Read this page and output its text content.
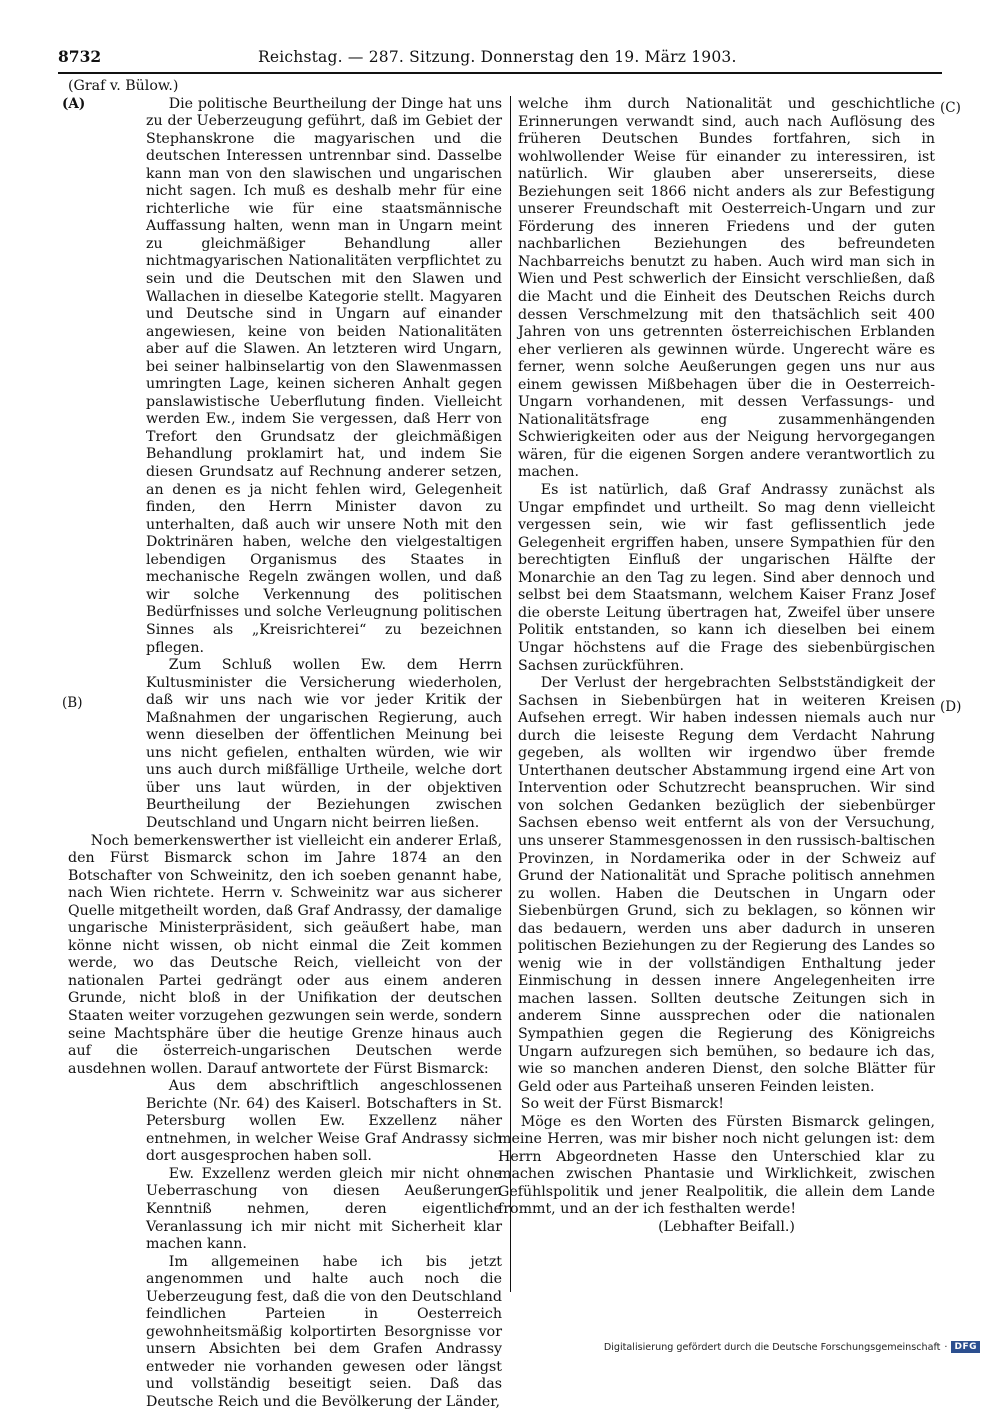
8732	Reichstag. — 287. Sitzung. Donnerstag den 19. März 1903.
(A)
(B)
(C)
(D)

(Graf v. Bülow.)

Die politische Beurtheilung der Dinge hat uns zu der Ueberzeugung geführt, daß im Gebiet der Stephanskrone die magyarischen und die deutschen Interessen untrennbar sind. Dasselbe kann man von den slawischen und ungarischen nicht sagen. Ich muß es deshalb mehr für eine richterliche wie für eine staatsmännische Auffassung halten, wenn man in Ungarn meint zu gleichmäßiger Behandlung aller nichtmagyarischen Nationalitäten verpflichtet zu sein und die Deutschen mit den Slawen und Wallachen in dieselbe Kategorie stellt. Magyaren und Deutsche sind in Ungarn auf einander angewiesen, keine von beiden Nationalitäten aber auf die Slawen. An letzteren wird Ungarn, bei seiner halbinselartig von den Slawenmassen umringten Lage, keinen sicheren Anhalt gegen panslawistische Ueberflutung finden. Vielleicht werden Ew., indem Sie vergessen, daß Herr von Trefort den Grundsatz der gleichmäßigen Behandlung proklamirt hat, und indem Sie diesen Grundsatz auf Rechnung anderer setzen, an denen es ja nicht fehlen wird, Gelegenheit finden, den Herrn Minister davon zu unterhalten, daß auch wir unsere Noth mit den Doktrinären haben, welche den vielgestaltigen lebendigen Organismus des Staates in mechanische Regeln zwängen wollen, und daß wir solche Verkennung des politischen Bedürfnisses und solche Verleugnung politischen Sinnes als „Kreisrichterei“ zu bezeichnen pflegen.

Zum Schluß wollen Ew. dem Herrn Kultusminister die Versicherung wiederholen, daß wir uns nach wie vor jeder Kritik der Maßnahmen der ungarischen Regierung, auch wenn dieselben der öffentlichen Meinung bei uns nicht gefielen, enthalten würden, wie wir uns auch durch mißfällige Urtheile, welche dort über uns laut würden, in der objektiven Beurtheilung der Beziehungen zwischen Deutschland und Ungarn nicht beirren ließen.

Noch bemerkenswerther ist vielleicht ein anderer Erlaß, den Fürst Bismarck schon im Jahre 1874 an den Botschafter von Schweinitz, den ich soeben genannt habe, nach Wien richtete. Herrn v. Schweinitz war aus sicherer Quelle mitgetheilt worden, daß Graf Andrassy, der damalige ungarische Ministerpräsident, sich geäußert habe, man könne nicht wissen, ob nicht einmal die Zeit kommen werde, wo das Deutsche Reich, vielleicht von der nationalen Partei gedrängt oder aus einem anderen Grunde, nicht bloß in der Unifikation der deutschen Staaten weiter vorzugehen gezwungen sein werde, sondern seine Machtsphäre über die heutige Grenze hinaus auch auf die österreich-ungarischen Deutschen werde ausdehnen wollen. Darauf antwortete der Fürst Bismarck:

Aus dem abschriftlich angeschlossenen Berichte (Nr. 64) des Kaiserl. Botschafters in St. Petersburg wollen Ew. Exzellenz näher entnehmen, in welcher Weise Graf Andrassy sich dort ausgesprochen haben soll.

Ew. Exzellenz werden gleich mir nicht ohne Ueberraschung von diesen Aeußerungen Kenntniß nehmen, deren eigentliche Veranlassung ich mir nicht mit Sicherheit klar machen kann.

Im allgemeinen habe ich bis jetzt angenommen und halte auch noch die Ueberzeugung fest, daß die von den Deutschland feindlichen Parteien in Oesterreich gewohnheitsmäßig kolportirten Besorgnisse vor unsern Absichten bei dem Grafen Andrassy entweder nie vorhanden gewesen oder längst und vollständig beseitigt seien. Daß das Deutsche Reich und die Bevölkerung der Länder,

welche ihm durch Nationalität und geschichtliche Erinnerungen verwandt sind, auch nach Auflösung des früheren Deutschen Bundes fortfahren, sich in wohlwollender Weise für einander zu interessiren, ist natürlich. Wir glauben aber unsererseits, diese Beziehungen seit 1866 nicht anders als zur Befestigung unserer Freundschaft mit Oesterreich-Ungarn und zur Förderung des inneren Friedens und der guten nachbarlichen Beziehungen des befreundeten Nachbarreichs benutzt zu haben. Auch wird man sich in Wien und Pest schwerlich der Einsicht verschließen, daß die Macht und die Einheit des Deutschen Reichs durch dessen Verschmelzung mit den thatsächlich seit 400 Jahren von uns getrennten österreichischen Erblanden eher verlieren als gewinnen würde. Ungerecht wäre es ferner, wenn solche Aeußerungen gegen uns nur aus einem gewissen Mißbehagen über die in Oesterreich-Ungarn vorhandenen, mit dessen Verfassungs- und Nationalitätsfrage eng zusammenhängenden Schwierigkeiten oder aus der Neigung hervorgegangen wären, für die eigenen Sorgen andere verantwortlich zu machen.

Es ist natürlich, daß Graf Andrassy zunächst als Ungar empfindet und urtheilt. So mag denn vielleicht vergessen sein, wie wir fast geflissentlich jede Gelegenheit ergriffen haben, unsere Sympathien für den berechtigten Einfluß der ungarischen Hälfte der Monarchie an den Tag zu legen. Sind aber dennoch und selbst bei dem Staatsmann, welchem Kaiser Franz Josef die oberste Leitung übertragen hat, Zweifel über unsere Politik entstanden, so kann ich dieselben bei einem Ungar höchstens auf die Frage des siebenbürgischen Sachsen zurückführen.

Der Verlust der hergebrachten Selbstständigkeit der Sachsen in Siebenbürgen hat in weiteren Kreisen Aufsehen erregt. Wir haben indessen niemals auch nur durch die leiseste Regung dem Verdacht Nahrung gegeben, als wollten wir irgendwo über fremde Unterthanen deutscher Abstammung irgend eine Art von Intervention oder Schutzrecht beanspruchen. Wir sind von solchen Gedanken bezüglich der siebenbürger Sachsen ebenso weit entfernt als von der Versuchung, uns unserer Stammesgenossen in den russisch-baltischen Provinzen, in Nordamerika oder in der Schweiz auf Grund der Nationalität und Sprache politisch annehmen zu wollen. Haben die Deutschen in Ungarn oder Siebenbürgen Grund, sich zu beklagen, so können wir das bedauern, werden uns aber dadurch in unseren politischen Beziehungen zu der Regierung des Landes so wenig wie in der vollständigen Enthaltung jeder Einmischung in dessen innere Angelegenheiten irre machen lassen. Sollten deutsche Zeitungen sich in anderem Sinne aussprechen oder die nationalen Sympathien gegen die Regierung des Königreichs Ungarn aufzuregen sich bemühen, so bedaure ich das, wie so manchen anderen Dienst, den solche Blätter für Geld oder aus Parteihaß unseren Feinden leisten.

So weit der Fürst Bismarck!

Möge es den Worten des Fürsten Bismarck gelingen, meine Herren, was mir bisher noch nicht gelungen ist: dem Herrn Abgeordneten Hasse den Unterschied klar zu machen zwischen Phantasie und Wirklichkeit, zwischen Gefühlspolitik und jener Realpolitik, die allein dem Lande frommt, und an der ich festhalten werde!

(Lebhafter Beifall.)

Digitalisierung gefördert durch die Deutsche Forschungsgemeinschaft · DFG
